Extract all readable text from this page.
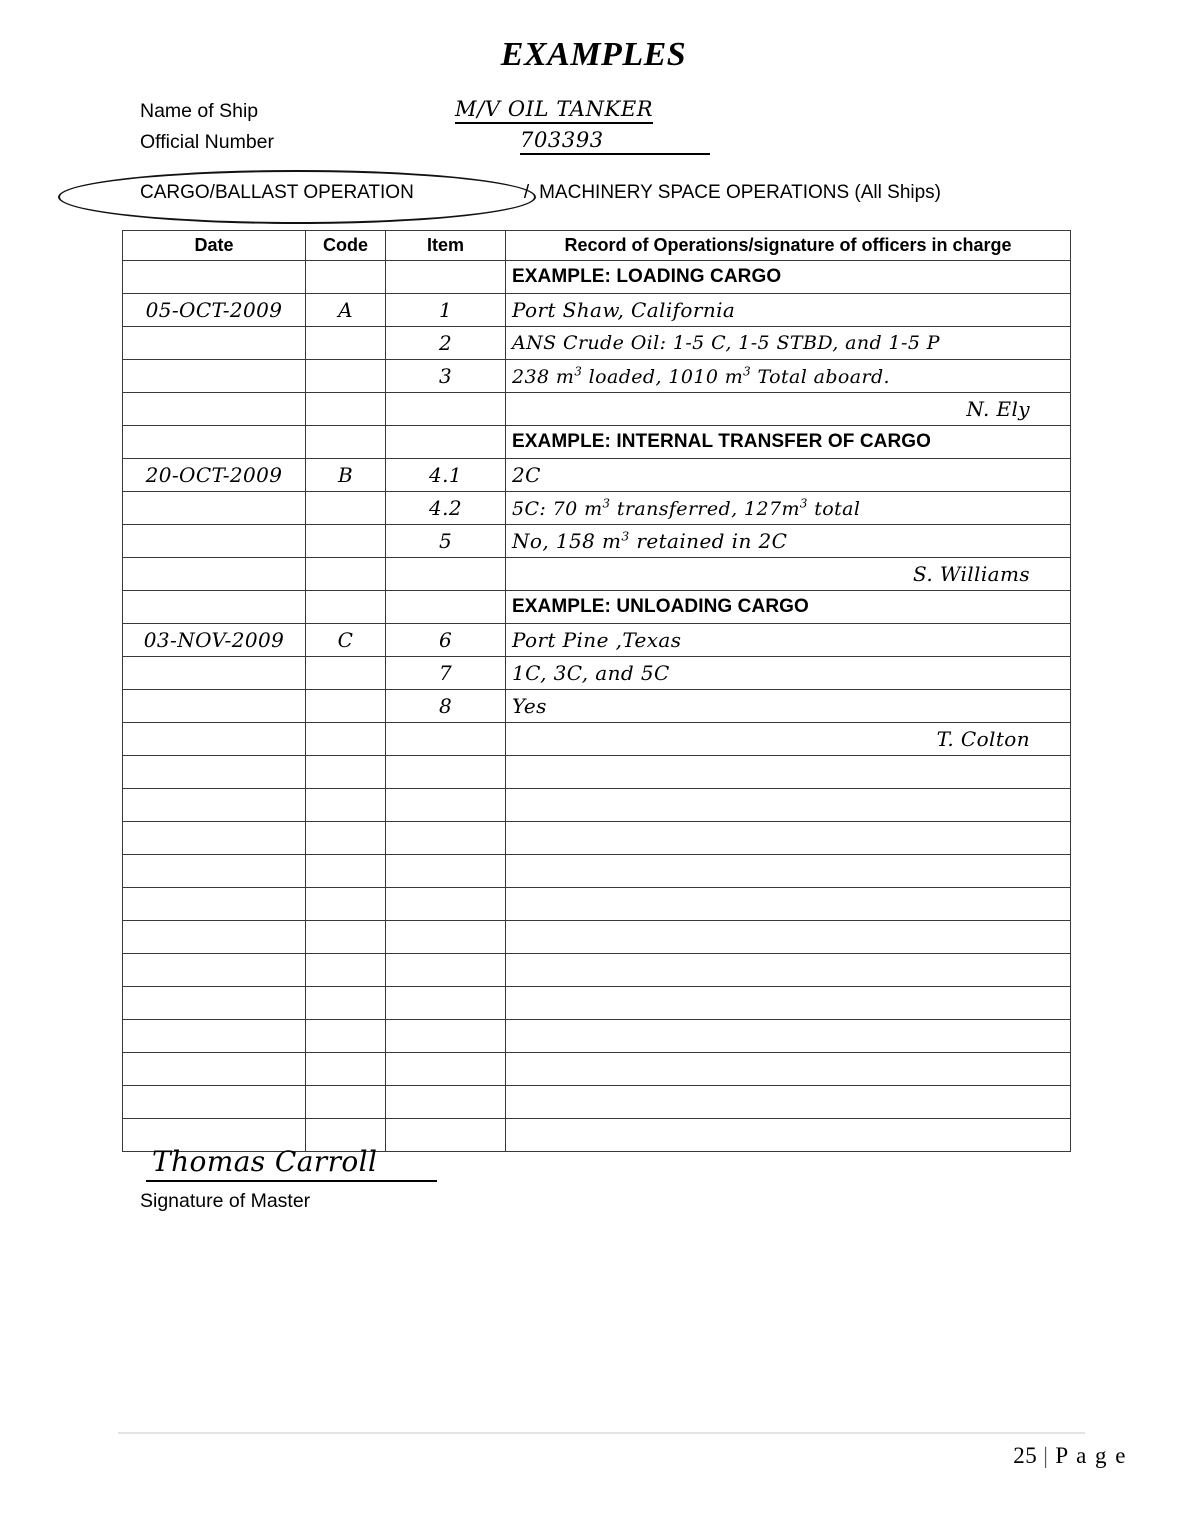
EXAMPLES
Name of Ship	M/V OIL TANKER
Official Number	703393
CARGO/BALLAST OPERATION	/ MACHINERY SPACE OPERATIONS (All Ships)
Date	Code	Item	Record of Operations/signature of officers in charge
			EXAMPLE: LOADING CARGO
05-OCT-2009	A	1	Port Shaw, California
		2	ANS Crude Oil: 1-5 C, 1-5 STBD, and 1-5 P
		3	238 $m^3$ loaded, 1010 $m^3$ Total aboard.
			N. Ely
			EXAMPLE: INTERNAL TRANSFER OF CARGO
20-OCT-2009	B	4.1	2C
		4.2	5C: 70 $m^3$ transferred, $127m^3$ total
		5	No, 158 $m^3$ retained in 2C
			S. Williams
			EXAMPLE: UNLOADING CARGO
03-NOV-2009	C	6	Port Pine ,Texas
		7	1C, 3C, and 5C
		8	Yes
			T. Colton

Thomas Carroll
Signature of Master
25 | P a g e
